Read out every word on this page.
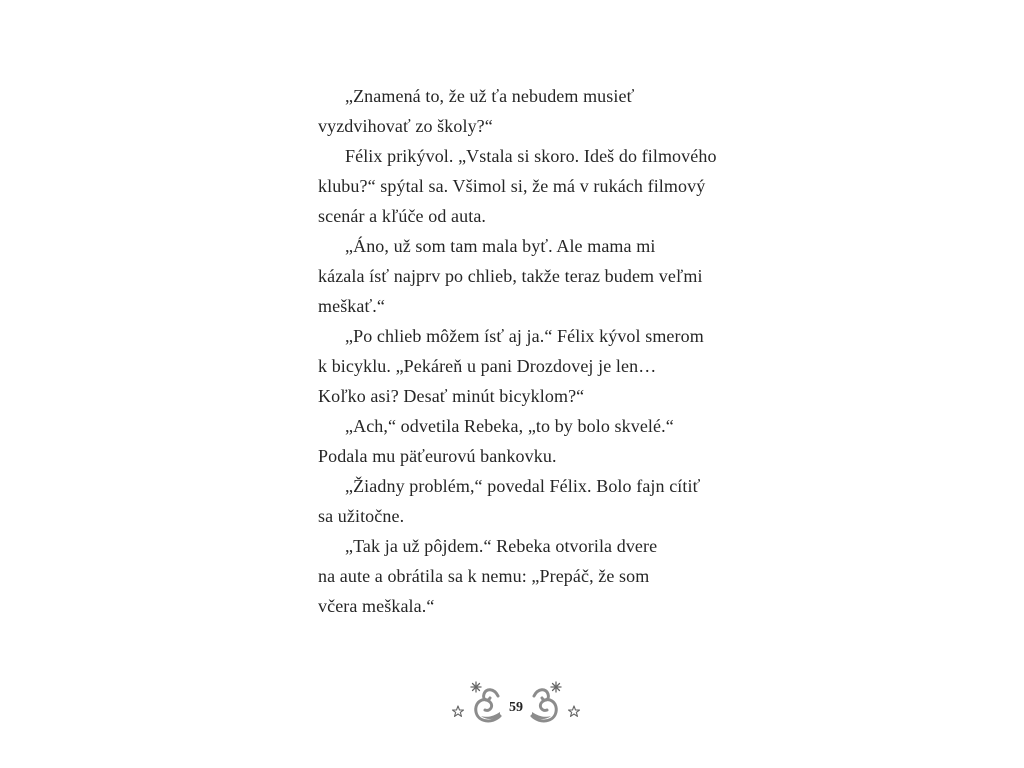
„Znamená to, že už ťa nebudem musieť
vyzdvihovať zo školy?“
Félix prikývol. „Vstala si skoro. Ideš do filmového
klubu?“ spýtal sa. Všimol si, že má v rukách filmový
scenár a kľúče od auta.
„Áno, už som tam mala byť. Ale mama mi
kázala ísť najprv po chlieb, takže teraz budem veľmi
meškať.“
„Po chlieb môžem ísť aj ja.“ Félix kývol smerom
k bicyklu. „Pekáreň u pani Drozdovej je len…
Koľko asi? Desať minút bicyklom?“
„Ach,“ odvetila Rebeka, „to by bolo skvelé.“
Podala mu päťeurovú bankovku.
„Žiadny problém,“ povedal Félix. Bolo fajn cítiť
sa užitočne.
„Tak ja už pôjdem.“ Rebeka otvorila dvere
na aute a obrátila sa k nemu: „Prepáč, že som
včera meškala.“
59
